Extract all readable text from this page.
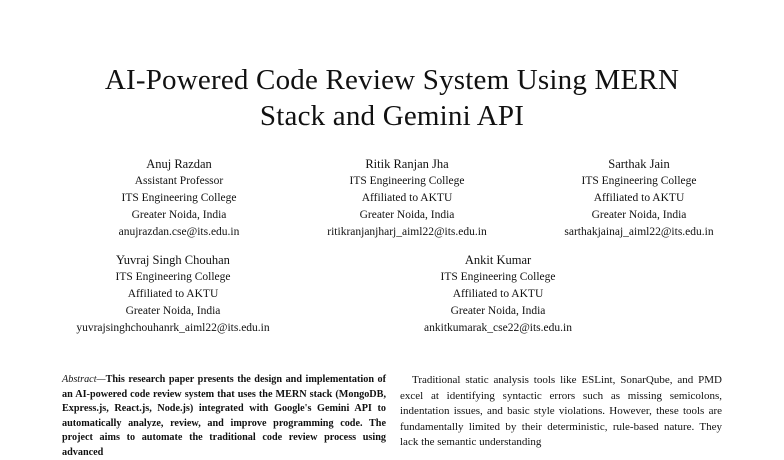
AI-Powered Code Review System Using MERN
Stack and Gemini API
Anuj Razdan
Assistant Professor
ITS Engineering College
Greater Noida, India
anujrazdan.cse@its.edu.in
Ritik Ranjan Jha
ITS Engineering College
Affiliated to AKTU
Greater Noida, India
ritikranjanjharj_aiml22@its.edu.in
Sarthak Jain
ITS Engineering College
Affiliated to AKTU
Greater Noida, India
sarthakjainaj_aiml22@its.edu.in
Yuvraj Singh Chouhan
ITS Engineering College
Affiliated to AKTU
Greater Noida, India
yuvrajsinghchouhanrk_aiml22@its.edu.in
Ankit Kumar
ITS Engineering College
Affiliated to AKTU
Greater Noida, India
ankitkumarak_cse22@its.edu.in
Abstract—This research paper presents the design and implementation of an AI-powered code review system that uses the MERN stack (MongoDB, Express.js, React.js, Node.js) integrated with Google's Gemini API to automatically analyze, review, and improve programming code. The project aims to automate the traditional code review process using advanced
Traditional static analysis tools like ESLint, SonarQube, and PMD excel at identifying syntactic errors such as missing semicolons, indentation issues, and basic style violations. However, these tools are fundamentally limited by their deterministic, rule-based nature. They lack the semantic understanding
